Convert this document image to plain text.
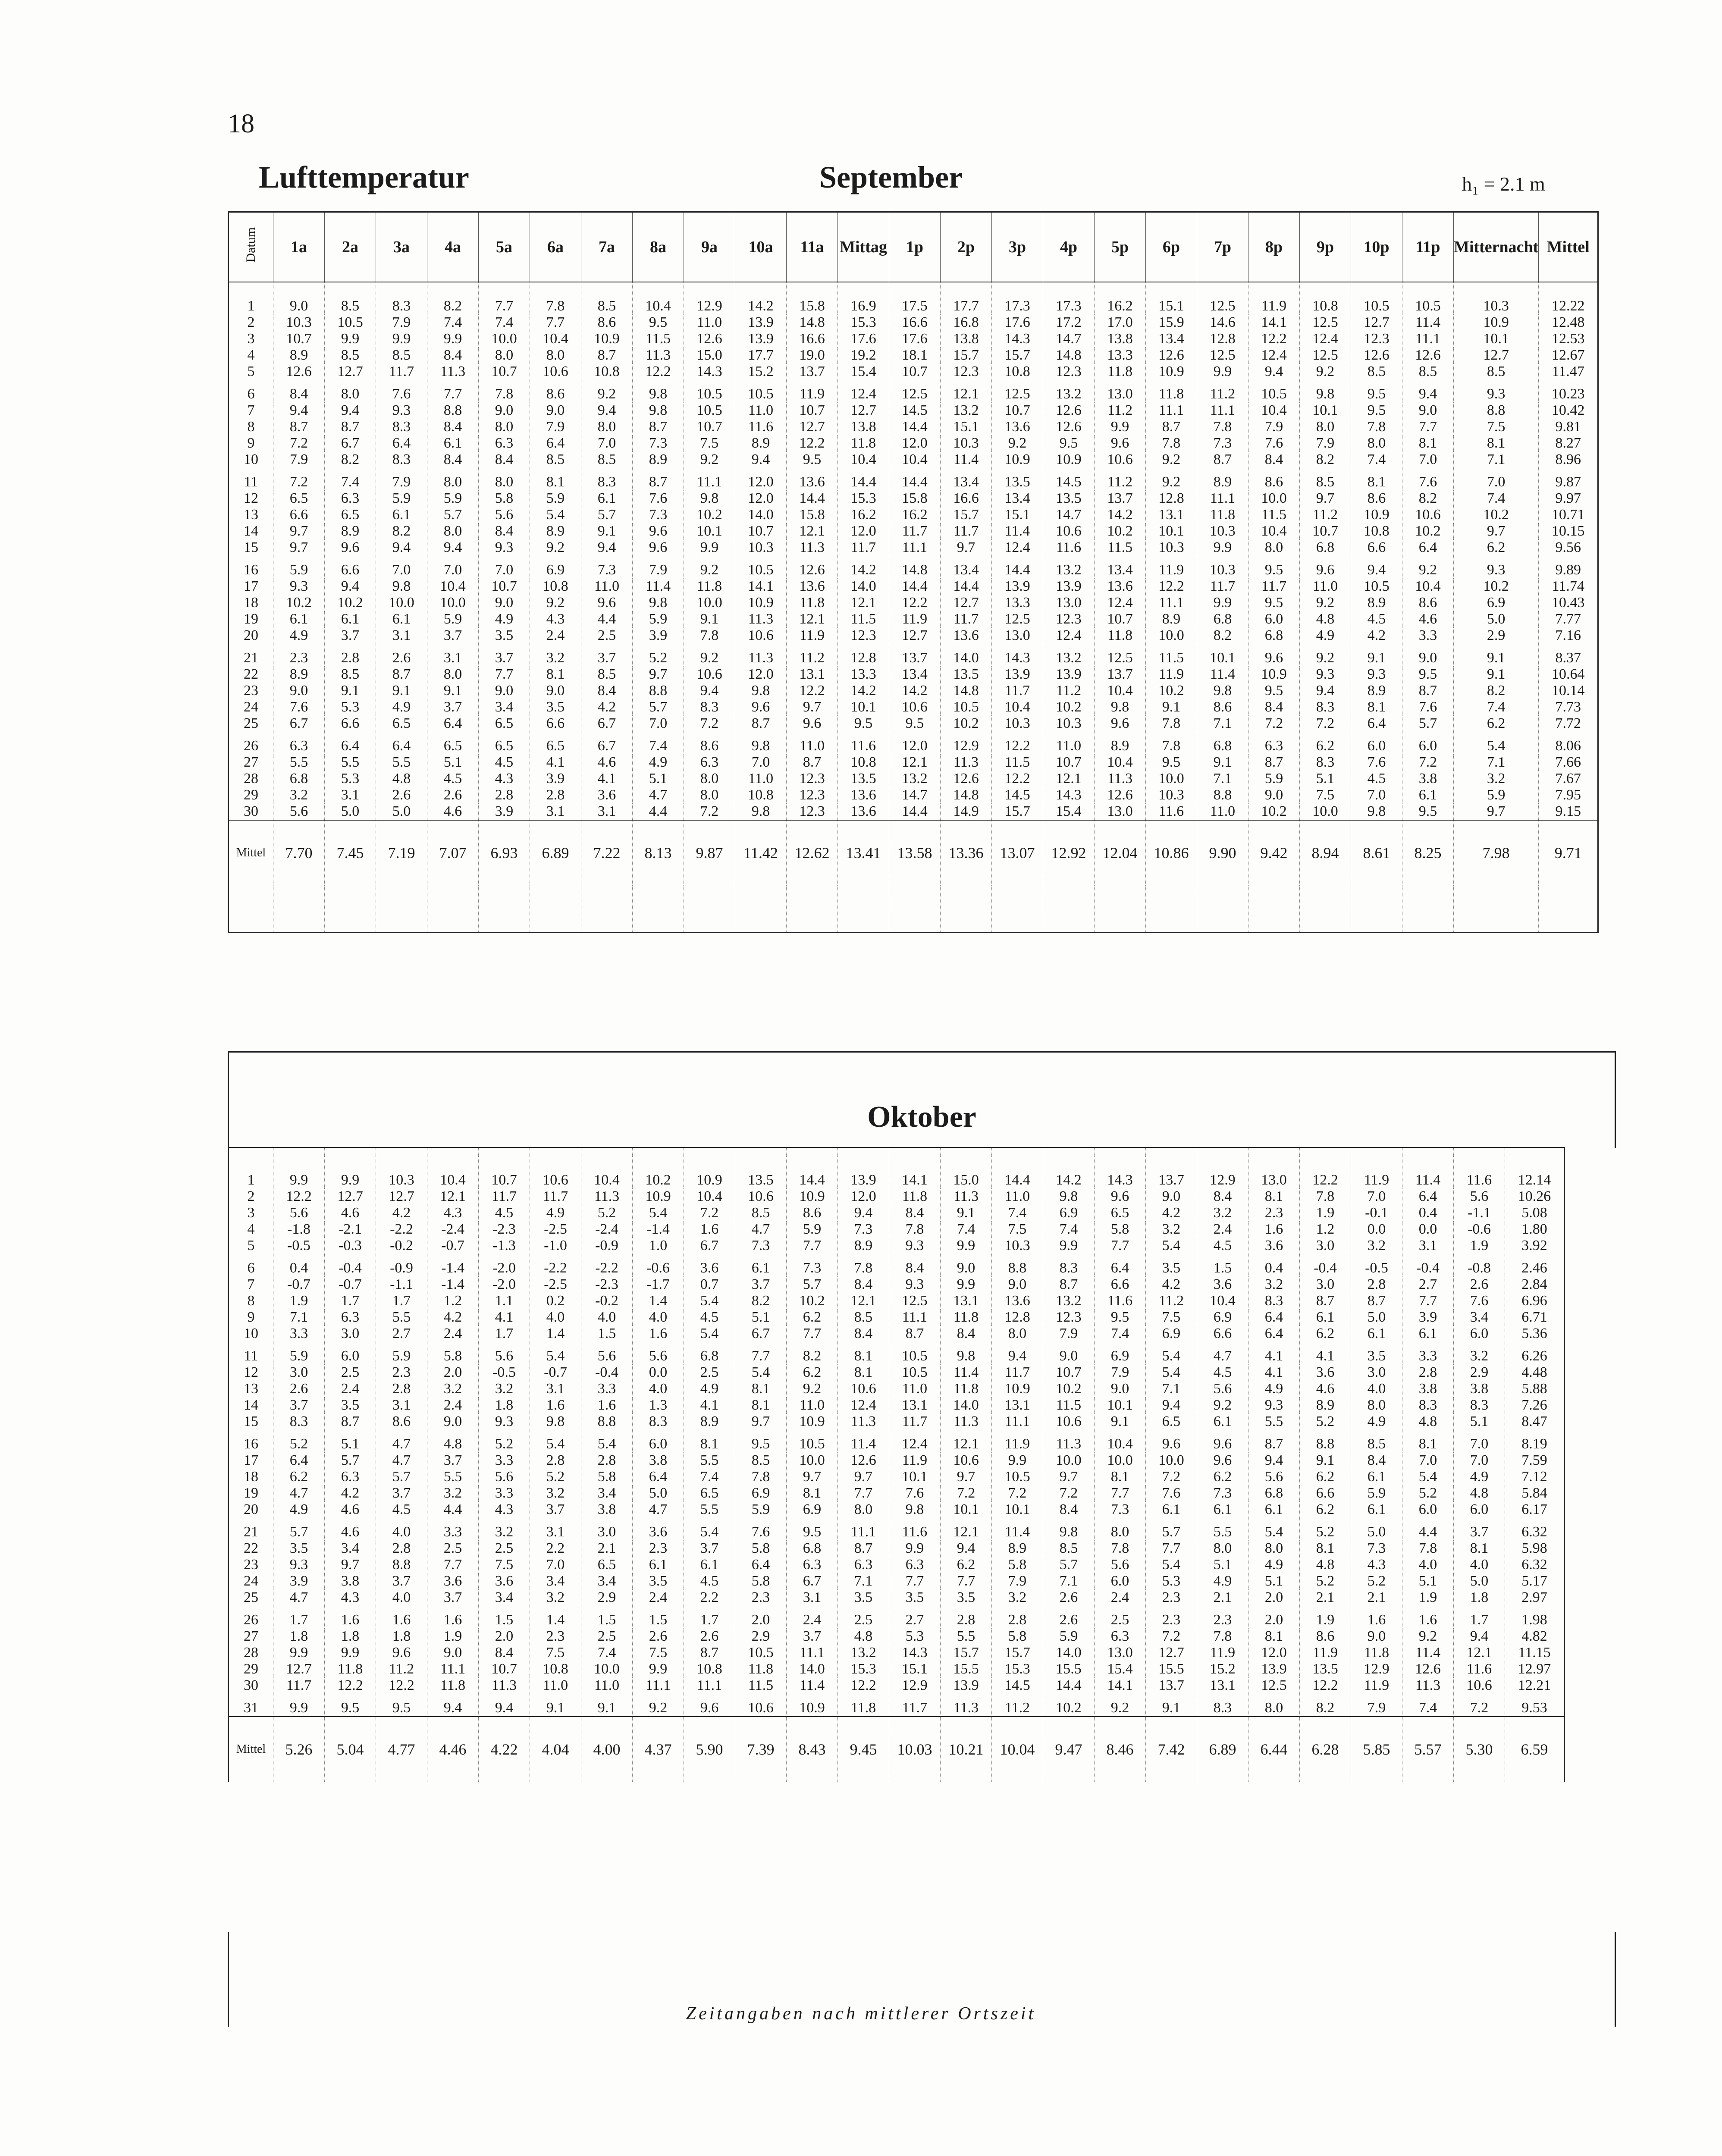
18
Lufttemperatur	September	h₁ = 2.1 m
Datum	1a	2a	3a	4a	5a	6a	7a	8a	9a	10a	11a	Mittag	1p	2p	3p	4p	5p	6p	7p	8p	9p	10p	11p	Mitternacht	Mittel
1	9.0	8.5	8.3	8.2	7.7	7.8	8.5	10.4	12.9	14.2	15.8	16.9	17.5	17.7	17.3	17.3	16.2	15.1	12.5	11.9	10.8	10.5	10.5	10.3	12.22
2	10.3	10.5	7.9	7.4	7.4	7.7	8.6	9.5	11.0	13.9	14.8	15.3	16.6	16.8	17.6	17.2	17.0	15.9	14.6	14.1	12.5	12.7	11.4	10.9	12.48
3	10.7	9.9	9.9	9.9	10.0	10.4	10.9	11.5	12.6	13.9	16.6	17.6	17.6	13.8	14.3	14.7	13.8	13.4	12.8	12.2	12.4	12.3	11.1	10.1	12.53
4	8.9	8.5	8.5	8.4	8.0	8.0	8.7	11.3	15.0	17.7	19.0	19.2	18.1	15.7	15.7	14.8	13.3	12.6	12.5	12.4	12.5	12.6	12.6	12.7	12.67
5	12.6	12.7	11.7	11.3	10.7	10.6	10.8	12.2	14.3	15.2	13.7	15.4	10.7	12.3	10.8	12.3	11.8	10.9	9.9	9.4	9.2	8.5	8.5	8.5	11.47

6	8.4	8.0	7.6	7.7	7.8	8.6	9.2	9.8	10.5	10.5	11.9	12.4	12.5	12.1	12.5	13.2	13.0	11.8	11.2	10.5	9.8	9.5	9.4	9.3	10.23
7	9.4	9.4	9.3	8.8	9.0	9.0	9.4	9.8	10.5	11.0	10.7	12.7	14.5	13.2	10.7	12.6	11.2	11.1	11.1	10.4	10.1	9.5	9.0	8.8	10.42
8	8.7	8.7	8.3	8.4	8.0	7.9	8.0	8.7	10.7	11.6	12.7	13.8	14.4	15.1	13.6	12.6	9.9	8.7	7.8	7.9	8.0	7.8	7.7	7.5	9.81
9	7.2	6.7	6.4	6.1	6.3	6.4	7.0	7.3	7.5	8.9	12.2	11.8	12.0	10.3	9.2	9.5	9.6	7.8	7.3	7.6	7.9	8.0	8.1	8.1	8.27
10	7.9	8.2	8.3	8.4	8.4	8.5	8.5	8.9	9.2	9.4	9.5	10.4	10.4	11.4	10.9	10.9	10.6	9.2	8.7	8.4	8.2	7.4	7.0	7.1	8.96

11	7.2	7.4	7.9	8.0	8.0	8.1	8.3	8.7	11.1	12.0	13.6	14.4	14.4	13.4	13.5	14.5	11.2	9.2	8.9	8.6	8.5	8.1	7.6	7.0	9.87
12	6.5	6.3	5.9	5.9	5.8	5.9	6.1	7.6	9.8	12.0	14.4	15.3	15.8	16.6	13.4	13.5	13.7	12.8	11.1	10.0	9.7	8.6	8.2	7.4	9.97
13	6.6	6.5	6.1	5.7	5.6	5.4	5.7	7.3	10.2	14.0	15.8	16.2	16.2	15.7	15.1	14.7	14.2	13.1	11.8	11.5	11.2	10.9	10.6	10.2	10.71
14	9.7	8.9	8.2	8.0	8.4	8.9	9.1	9.6	10.1	10.7	12.1	12.0	11.7	11.7	11.4	10.6	10.2	10.1	10.3	10.4	10.7	10.8	10.2	9.7	10.15
15	9.7	9.6	9.4	9.4	9.3	9.2	9.4	9.6	9.9	10.3	11.3	11.7	11.1	9.7	12.4	11.6	11.5	10.3	9.9	8.0	6.8	6.6	6.4	6.2	9.56

16	5.9	6.6	7.0	7.0	7.0	6.9	7.3	7.9	9.2	10.5	12.6	14.2	14.8	13.4	14.4	13.2	13.4	11.9	10.3	9.5	9.6	9.4	9.2	9.3	9.89
17	9.3	9.4	9.8	10.4	10.7	10.8	11.0	11.4	11.8	14.1	13.6	14.0	14.4	14.4	13.9	13.9	13.6	12.2	11.7	11.7	11.0	10.5	10.4	10.2	11.74
18	10.2	10.2	10.0	10.0	9.0	9.2	9.6	9.8	10.0	10.9	11.8	12.1	12.2	12.7	13.3	13.0	12.4	11.1	9.9	9.5	9.2	8.9	8.6	6.9	10.43
19	6.1	6.1	6.1	5.9	4.9	4.3	4.4	5.9	9.1	11.3	12.1	11.5	11.9	11.7	12.5	12.3	10.7	8.9	6.8	6.0	4.8	4.5	4.6	5.0	7.77
20	4.9	3.7	3.1	3.7	3.5	2.4	2.5	3.9	7.8	10.6	11.9	12.3	12.7	13.6	13.0	12.4	11.8	10.0	8.2	6.8	4.9	4.2	3.3	2.9	7.16

21	2.3	2.8	2.6	3.1	3.7	3.2	3.7	5.2	9.2	11.3	11.2	12.8	13.7	14.0	14.3	13.2	12.5	11.5	10.1	9.6	9.2	9.1	9.0	9.1	8.37
22	8.9	8.5	8.7	8.0	7.7	8.1	8.5	9.7	10.6	12.0	13.1	13.3	13.4	13.5	13.9	13.9	13.7	11.9	11.4	10.9	9.3	9.3	9.5	9.1	10.64
23	9.0	9.1	9.1	9.1	9.0	9.0	8.4	8.8	9.4	9.8	12.2	14.2	14.2	14.8	11.7	11.2	10.4	10.2	9.8	9.5	9.4	8.9	8.7	8.2	10.14
24	7.6	5.3	4.9	3.7	3.4	3.5	4.2	5.7	8.3	9.6	9.7	10.1	10.6	10.5	10.4	10.2	9.8	9.1	8.6	8.4	8.3	8.1	7.6	7.4	7.73
25	6.7	6.6	6.5	6.4	6.5	6.6	6.7	7.0	7.2	8.7	9.6	9.5	9.5	10.2	10.3	10.3	9.6	7.8	7.1	7.2	7.2	6.4	5.7	6.2	7.72

26	6.3	6.4	6.4	6.5	6.5	6.5	6.7	7.4	8.6	9.8	11.0	11.6	12.0	12.9	12.2	11.0	8.9	7.8	6.8	6.3	6.2	6.0	6.0	5.4	8.06
27	5.5	5.5	5.5	5.1	4.5	4.1	4.6	4.9	6.3	7.0	8.7	10.8	12.1	11.3	11.5	10.7	10.4	9.5	9.1	8.7	8.3	7.6	7.2	7.1	7.66
28	6.8	5.3	4.8	4.5	4.3	3.9	4.1	5.1	8.0	11.0	12.3	13.5	13.2	12.6	12.2	12.1	11.3	10.0	7.1	5.9	5.1	4.5	3.8	3.2	7.67
29	3.2	3.1	2.6	2.6	2.8	2.8	3.6	4.7	8.0	10.8	12.3	13.6	14.7	14.8	14.5	14.3	12.6	10.3	8.8	9.0	7.5	7.0	6.1	5.9	7.95
30	5.6	5.0	5.0	4.6	3.9	3.1	3.1	4.4	7.2	9.8	12.3	13.6	14.4	14.9	15.7	15.4	13.0	11.6	11.0	10.2	10.0	9.8	9.5	9.7	9.15
Mittel	7.70	7.45	7.19	7.07	6.93	6.89	7.22	8.13	9.87	11.42	12.62	13.41	13.58	13.36	13.07	12.92	12.04	10.86	9.90	9.42	8.94	8.61	8.25	7.98	9.71

Oktober

1	9.9	9.9	10.3	10.4	10.7	10.6	10.4	10.2	10.9	13.5	14.4	13.9	14.1	15.0	14.4	14.2	14.3	13.7	12.9	13.0	12.2	11.9	11.4	11.6	12.14
2	12.2	12.7	12.7	12.1	11.7	11.7	11.3	10.9	10.4	10.6	10.9	12.0	11.8	11.3	11.0	9.8	9.6	9.0	8.4	8.1	7.8	7.0	6.4	5.6	10.26
3	5.6	4.6	4.2	4.3	4.5	4.9	5.2	5.4	7.2	8.5	8.6	9.4	8.4	9.1	7.4	6.9	6.5	4.2	3.2	2.3	1.9	-0.1	0.4	-1.1	5.08
4	-1.8	-2.1	-2.2	-2.4	-2.3	-2.5	-2.4	-1.4	1.6	4.7	5.9	7.3	7.8	7.4	7.5	7.4	5.8	3.2	2.4	1.6	1.2	0.0	0.0	-0.6	1.80
5	-0.5	-0.3	-0.2	-0.7	-1.3	-1.0	-0.9	1.0	6.7	7.3	7.7	8.9	9.3	9.9	10.3	9.9	7.7	5.4	4.5	3.6	3.0	3.2	3.1	1.9	3.92

6	0.4	-0.4	-0.9	-1.4	-2.0	-2.2	-2.2	-0.6	3.6	6.1	7.3	7.8	8.4	9.0	8.8	8.3	6.4	3.5	1.5	0.4	-0.4	-0.5	-0.4	-0.8	2.46
7	-0.7	-0.7	-1.1	-1.4	-2.0	-2.5	-2.3	-1.7	0.7	3.7	5.7	8.4	9.3	9.9	9.0	8.7	6.6	4.2	3.6	3.2	3.0	2.8	2.7	2.6	2.84
8	1.9	1.7	1.7	1.2	1.1	0.2	-0.2	1.4	5.4	8.2	10.2	12.1	12.5	13.1	13.6	13.2	11.6	11.2	10.4	8.3	8.7	8.7	7.7	7.6	6.96
9	7.1	6.3	5.5	4.2	4.1	4.0	4.0	4.0	4.5	5.1	6.2	8.5	11.1	11.8	12.8	12.3	9.5	7.5	6.9	6.4	6.1	5.0	3.9	3.4	6.71
10	3.3	3.0	2.7	2.4	1.7	1.4	1.5	1.6	5.4	6.7	7.7	8.4	8.7	8.4	8.0	7.9	7.4	6.9	6.6	6.4	6.2	6.1	6.1	6.0	5.36

11	5.9	6.0	5.9	5.8	5.6	5.4	5.6	5.6	6.8	7.7	8.2	8.1	10.5	9.8	9.4	9.0	6.9	5.4	4.7	4.1	4.1	3.5	3.3	3.2	6.26
12	3.0	2.5	2.3	2.0	-0.5	-0.7	-0.4	0.0	2.5	5.4	6.2	8.1	10.5	11.4	11.7	10.7	7.9	5.4	4.5	4.1	3.6	3.0	2.8	2.9	4.48
13	2.6	2.4	2.8	3.2	3.2	3.1	3.3	4.0	4.9	8.1	9.2	10.6	11.0	11.8	10.9	10.2	9.0	7.1	5.6	4.9	4.6	4.0	3.8	3.8	5.88
14	3.7	3.5	3.1	2.4	1.8	1.6	1.6	1.3	4.1	8.1	11.0	12.4	13.1	14.0	13.1	11.5	10.1	9.4	9.2	9.3	8.9	8.0	8.3	8.3	7.26
15	8.3	8.7	8.6	9.0	9.3	9.8	8.8	8.3	8.9	9.7	10.9	11.3	11.7	11.3	11.1	10.6	9.1	6.5	6.1	5.5	5.2	4.9	4.8	5.1	8.47

16	5.2	5.1	4.7	4.8	5.2	5.4	5.4	6.0	8.1	9.5	10.5	11.4	12.4	12.1	11.9	11.3	10.4	9.6	9.6	8.7	8.8	8.5	8.1	7.0	8.19
17	6.4	5.7	4.7	3.7	3.3	2.8	2.8	3.8	5.5	8.5	10.0	12.6	11.9	10.6	9.9	10.0	10.0	10.0	9.6	9.4	9.1	8.4	7.0	7.0	7.59
18	6.2	6.3	5.7	5.5	5.6	5.2	5.8	6.4	7.4	7.8	9.7	9.7	10.1	9.7	10.5	9.7	8.1	7.2	6.2	5.6	6.2	6.1	5.4	4.9	7.12
19	4.7	4.2	3.7	3.2	3.3	3.2	3.4	5.0	6.5	6.9	8.1	7.7	7.6	7.2	7.2	7.2	7.7	7.6	7.3	6.8	6.6	5.9	5.2	4.8	5.84
20	4.9	4.6	4.5	4.4	4.3	3.7	3.8	4.7	5.5	5.9	6.9	8.0	9.8	10.1	10.1	8.4	7.3	6.1	6.1	6.1	6.2	6.1	6.0	6.0	6.17

21	5.7	4.6	4.0	3.3	3.2	3.1	3.0	3.6	5.4	7.6	9.5	11.1	11.6	12.1	11.4	9.8	8.0	5.7	5.5	5.4	5.2	5.0	4.4	3.7	6.32
22	3.5	3.4	2.8	2.5	2.5	2.2	2.1	2.3	3.7	5.8	6.8	8.7	9.9	9.4	8.9	8.5	7.8	7.7	8.0	8.0	8.1	7.3	7.8	8.1	5.98
23	9.3	9.7	8.8	7.7	7.5	7.0	6.5	6.1	6.1	6.4	6.3	6.3	6.3	6.2	5.8	5.7	5.6	5.4	5.1	4.9	4.8	4.3	4.0	4.0	6.32
24	3.9	3.8	3.7	3.6	3.6	3.4	3.4	3.5	4.5	5.8	6.7	7.1	7.7	7.7	7.9	7.1	6.0	5.3	4.9	5.1	5.2	5.2	5.1	5.0	5.17
25	4.7	4.3	4.0	3.7	3.4	3.2	2.9	2.4	2.2	2.3	3.1	3.5	3.5	3.5	3.2	2.6	2.4	2.3	2.1	2.0	2.1	2.1	1.9	1.8	2.97

26	1.7	1.6	1.6	1.6	1.5	1.4	1.5	1.5	1.7	2.0	2.4	2.5	2.7	2.8	2.8	2.6	2.5	2.3	2.3	2.0	1.9	1.6	1.6	1.7	1.98
27	1.8	1.8	1.8	1.9	2.0	2.3	2.5	2.6	2.6	2.9	3.7	4.8	5.3	5.5	5.8	5.9	6.3	7.2	7.8	8.1	8.6	9.0	9.2	9.4	4.82
28	9.9	9.9	9.6	9.0	8.4	7.5	7.4	7.5	8.7	10.5	11.1	13.2	14.3	15.7	15.7	14.0	13.0	12.7	11.9	12.0	11.9	11.8	11.4	12.1	11.15
29	12.7	11.8	11.2	11.1	10.7	10.8	10.0	9.9	10.8	11.8	14.0	15.3	15.1	15.5	15.3	15.5	15.4	15.5	15.2	13.9	13.5	12.9	12.6	11.6	12.97
30	11.7	12.2	12.2	11.8	11.3	11.0	11.0	11.1	11.1	11.5	11.4	12.2	12.9	13.9	14.5	14.4	14.1	13.7	13.1	12.5	12.2	11.9	11.3	10.6	12.21

31	9.9	9.5	9.5	9.4	9.4	9.1	9.1	9.2	9.6	10.6	10.9	11.8	11.7	11.3	11.2	10.2	9.2	9.1	8.3	8.0	8.2	7.9	7.4	7.2	9.53
Mittel	5.26	5.04	4.77	4.46	4.22	4.04	4.00	4.37	5.90	7.39	8.43	9.45	10.03	10.21	10.04	9.47	8.46	7.42	6.89	6.44	6.28	5.85	5.57	5.30	6.59
Zeitangaben nach mittlerer Ortszeit
